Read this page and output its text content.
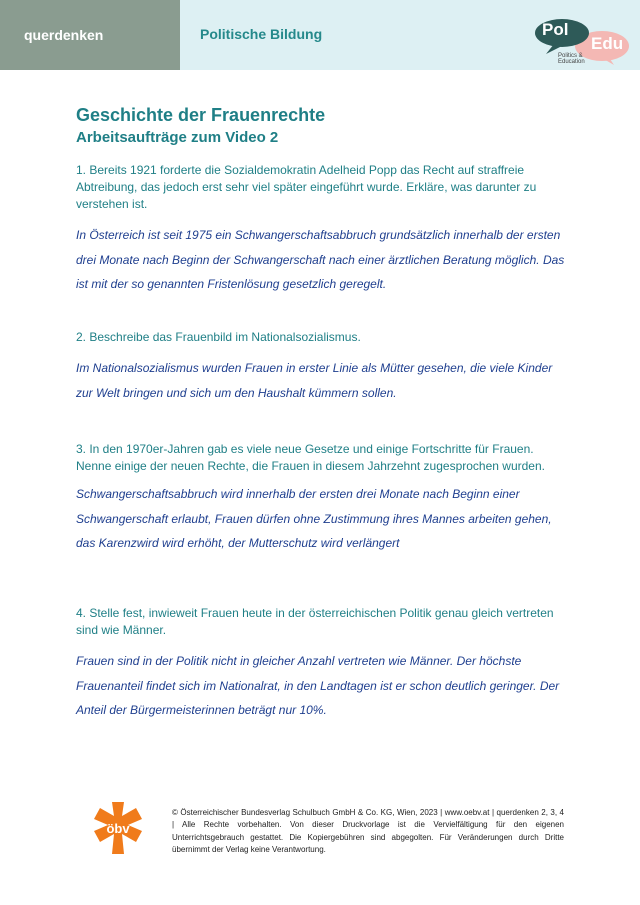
querdenken	Politische Bildung	Pol
Edu
Politics &
Education
Geschichte der Frauenrechte
Arbeitsaufträge zum Video 2
1. Bereits 1921 forderte die Sozialdemokratin Adelheid Popp das Recht auf straffreie Abtreibung, das jedoch erst sehr viel später eingeführt wurde. Erkläre, was darunter zu verstehen ist.
In Österreich ist seit 1975 ein Schwangerschaftsabbruch grundsätzlich innerhalb der ersten drei Monate nach Beginn der Schwangerschaft nach einer ärztlichen Beratung möglich. Das ist mit der so genannten Fristenlösung gesetzlich geregelt.
2. Beschreibe das Frauenbild im Nationalsozialismus.
Im Nationalsozialismus wurden Frauen in erster Linie als Mütter gesehen, die viele Kinder zur Welt bringen und sich um den Haushalt kümmern sollen.
3. In den 1970er-Jahren gab es viele neue Gesetze und einige Fortschritte für Frauen. Nenne einige der neuen Rechte, die Frauen in diesem Jahrzehnt zugesprochen wurden.
Schwangerschaftsabbruch wird innerhalb der ersten drei Monate nach Beginn einer Schwangerschaft erlaubt, Frauen dürfen ohne Zustimmung ihres Mannes arbeiten gehen, das Karenzwird wird erhöht, der Mutterschutz wird verlängert
4. Stelle fest, inwieweit Frauen heute in der österreichischen Politik genau gleich vertreten sind wie Männer.
Frauen sind in der Politik nicht in gleicher Anzahl vertreten wie Männer. Der höchste Frauenanteil findet sich im Nationalrat, in den Landtagen ist er schon deutlich geringer. Der Anteil der Bürgermeisterinnen beträgt nur 10%.
öbv
© Österreichischer Bundesverlag Schulbuch GmbH & Co. KG, Wien, 2023 | www.oebv.at | querdenken 2, 3, 4 | Alle Rechte vorbehalten. Von dieser Druckvorlage ist die Vervielfältigung für den eigenen Unterrichtsgebrauch gestattet. Die Kopiergebühren sind abgegolten. Für Veränderungen durch Dritte übernimmt der Verlag keine Verantwortung.
